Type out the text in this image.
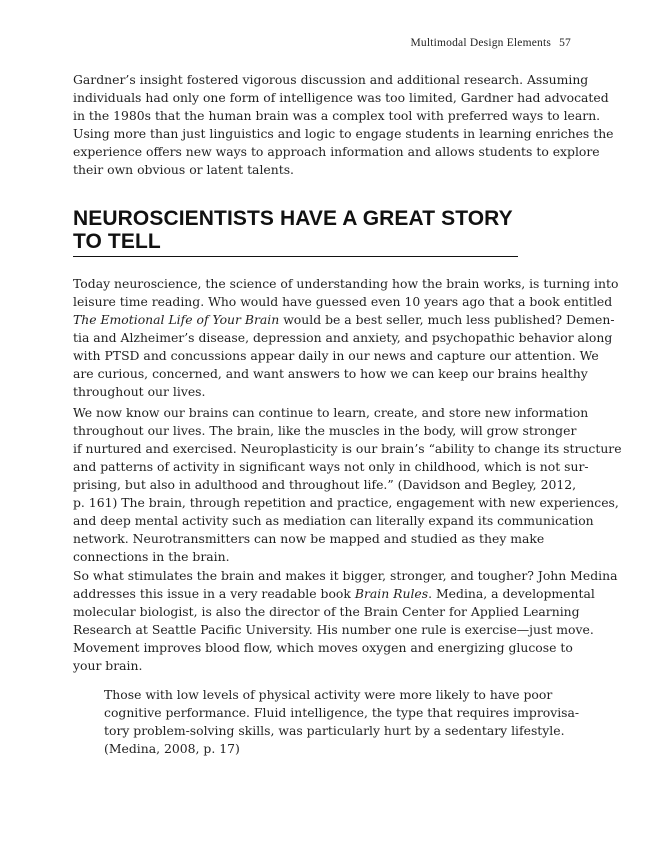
Multimodal Design Elements 57

Gardner’s insight fostered vigorous discussion and additional research. Assuming
individuals had only one form of intelligence was too limited, Gardner had advocated
in the 1980s that the human brain was a complex tool with preferred ways to learn.
Using more than just linguistics and logic to engage students in learning enriches the
experience offers new ways to approach information and allows students to explore
their own obvious or latent talents.

NEUROSCIENTISTS HAVE A GREAT STORY
TO TELL

Today neuroscience, the science of understanding how the brain works, is turning into
leisure time reading. Who would have guessed even 10 years ago that a book entitled
The Emotional Life of Your Brain would be a best seller, much less published? Demen-
tia and Alzheimer’s disease, depression and anxiety, and psychopathic behavior along
with PTSD and concussions appear daily in our news and capture our attention. We
are curious, concerned, and want answers to how we can keep our brains healthy
throughout our lives.

We now know our brains can continue to learn, create, and store new information
throughout our lives. The brain, like the muscles in the body, will grow stronger
if nurtured and exercised. Neuroplasticity is our brain’s “ability to change its structure
and patterns of activity in significant ways not only in childhood, which is not sur-
prising, but also in adulthood and throughout life.” (Davidson and Begley, 2012,
p. 161) The brain, through repetition and practice, engagement with new experiences,
and deep mental activity such as mediation can literally expand its communication
network. Neurotransmitters can now be mapped and studied as they make
connections in the brain.

So what stimulates the brain and makes it bigger, stronger, and tougher? John Medina
addresses this issue in a very readable book Brain Rules. Medina, a developmental
molecular biologist, is also the director of the Brain Center for Applied Learning
Research at Seattle Pacific University. His number one rule is exercise—just move.
Movement improves blood flow, which moves oxygen and energizing glucose to
your brain.

Those with low levels of physical activity were more likely to have poor
cognitive performance. Fluid intelligence, the type that requires improvisa-
tory problem-solving skills, was particularly hurt by a sedentary lifestyle.
(Medina, 2008, p. 17)
